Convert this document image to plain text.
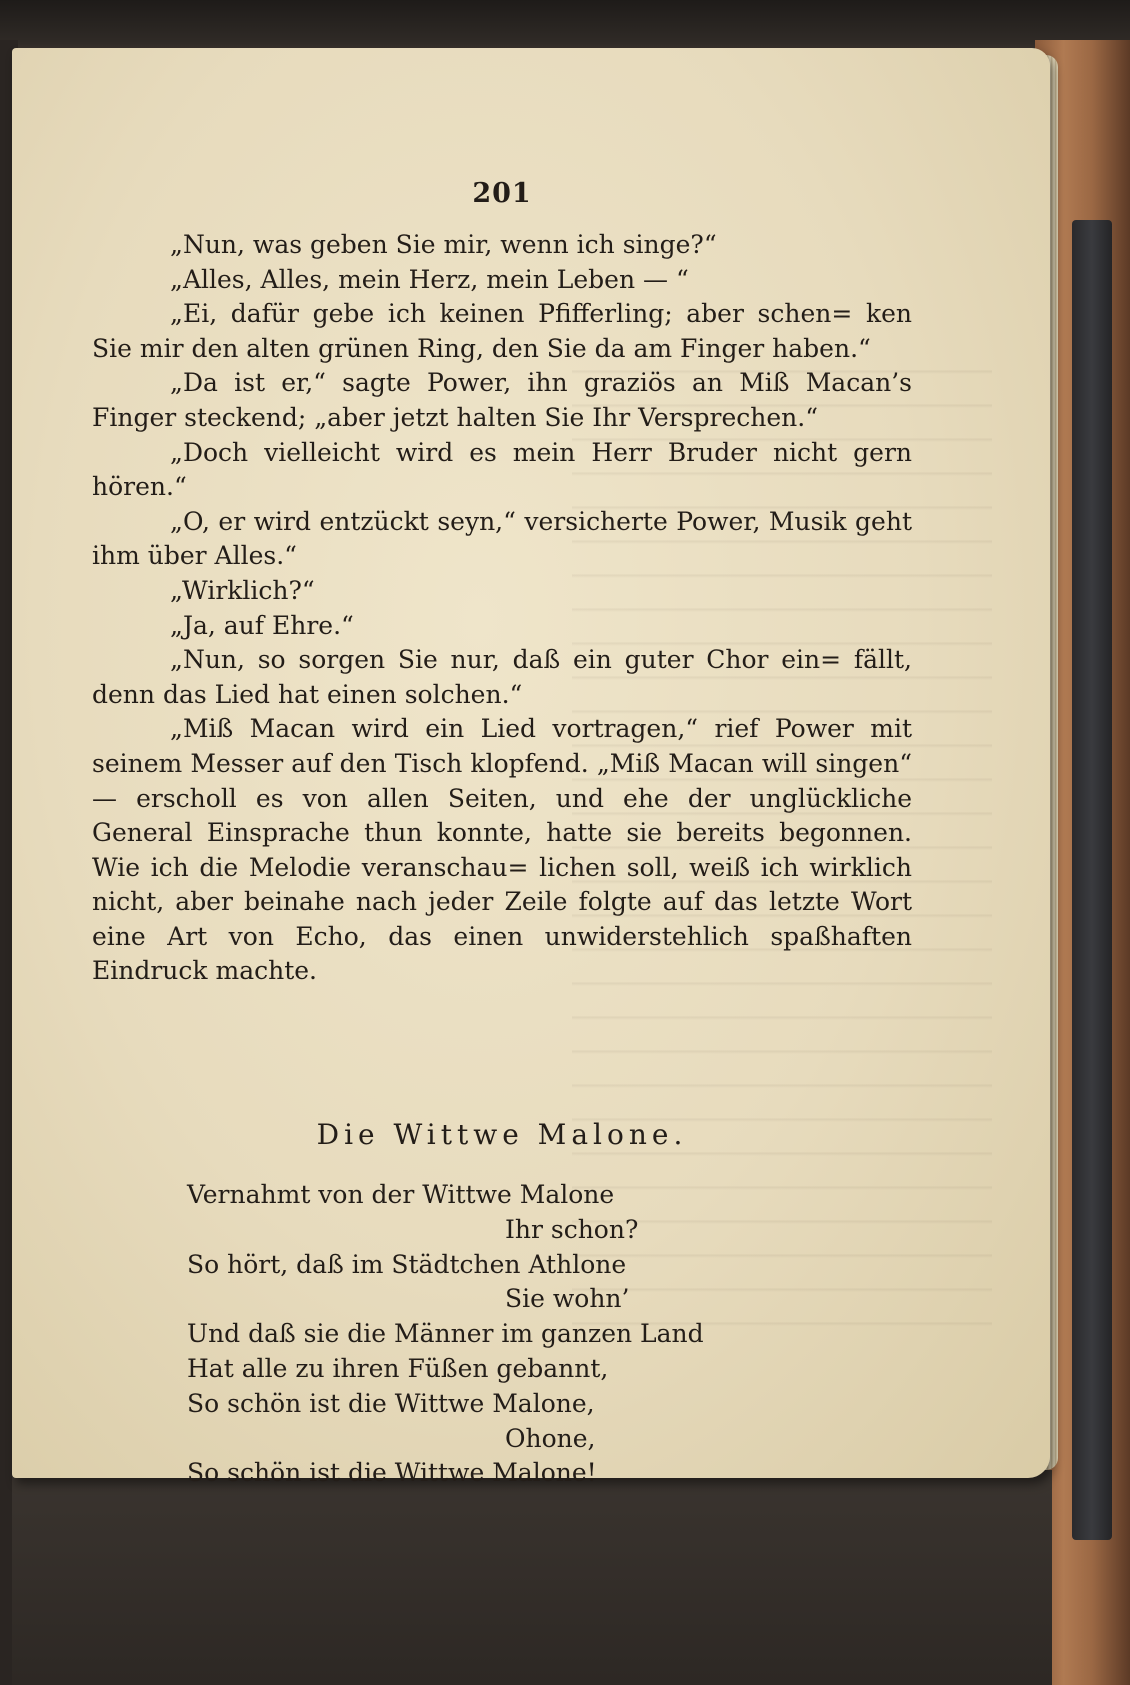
201

„Nun, was geben Sie mir, wenn ich singe?“

„Alles, Alles, mein Herz, mein Leben — “

„Ei, dafür gebe ich keinen Pfifferling; aber schen= ken Sie mir den alten grünen Ring, den Sie da am Finger haben.“

„Da ist er,“ sagte Power, ihn graziös an Miß Macan’s Finger steckend; „aber jetzt halten Sie Ihr Versprechen.“

„Doch vielleicht wird es mein Herr Bruder nicht gern hören.“

„O, er wird entzückt seyn,“ versicherte Power, Musik geht ihm über Alles.“

„Wirklich?“

„Ja, auf Ehre.“

„Nun, so sorgen Sie nur, daß ein guter Chor ein= fällt, denn das Lied hat einen solchen.“

„Miß Macan wird ein Lied vortragen,“ rief Power mit seinem Messer auf den Tisch klopfend. „Miß Macan will singen“ — erscholl es von allen Seiten, und ehe der unglückliche General Einsprache thun konnte, hatte sie bereits begonnen. Wie ich die Melodie veranschau= lichen soll, weiß ich wirklich nicht, aber beinahe nach jeder Zeile folgte auf das letzte Wort eine Art von Echo, das einen unwiderstehlich spaßhaften Eindruck machte.

Die Wittwe Malone.
Vernahmt von der Wittwe Malone
Ihr schon?
So hört, daß im Städtchen Athlone
Sie wohn’
Und daß sie die Männer im ganzen Land
Hat alle zu ihren Füßen gebannt,
So schön ist die Wittwe Malone,
Ohone,
So schön ist die Wittwe Malone!
